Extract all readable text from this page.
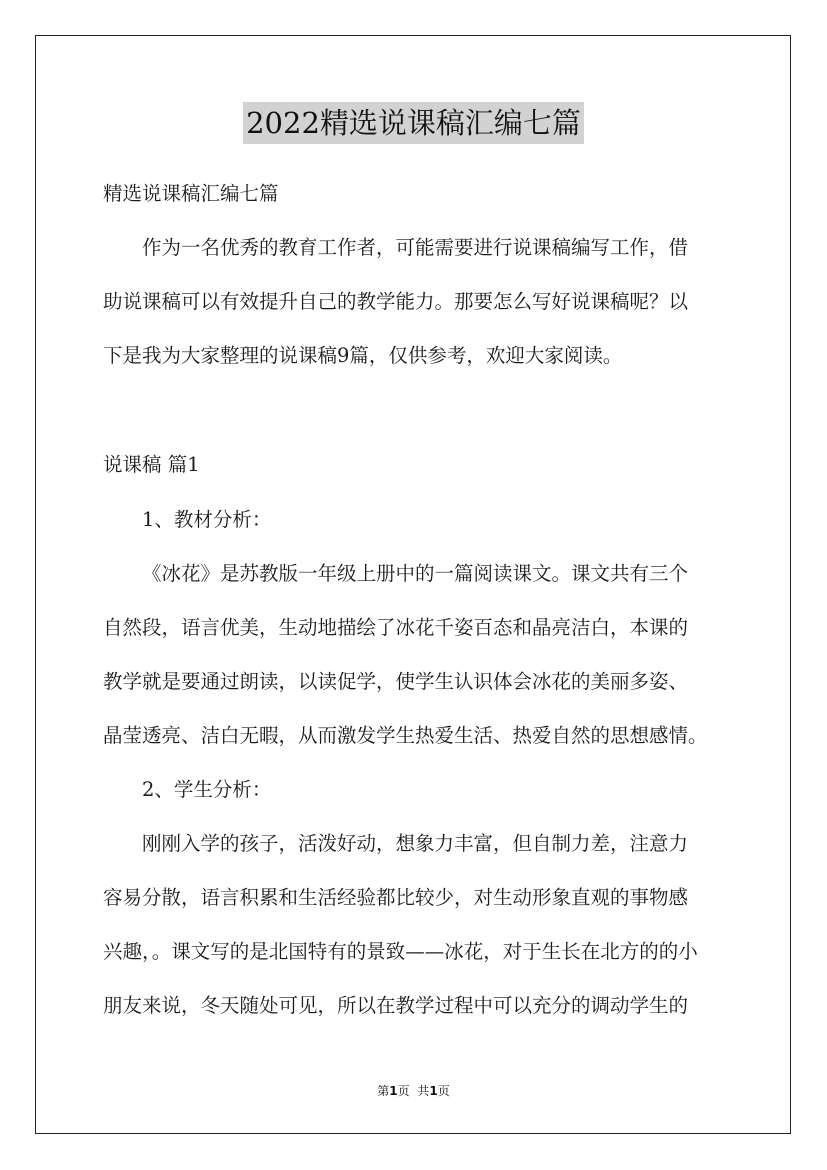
2022精选说课稿汇编七篇
精选说课稿汇编七篇
作为一名优秀的教育工作者，可能需要进行说课稿编写工作，借
助说课稿可以有效提升自己的教学能力。那要怎么写好说课稿呢？以
下是我为大家整理的说课稿9篇，仅供参考，欢迎大家阅读。
说课稿 篇1
1、教材分析：
《冰花》是苏教版一年级上册中的一篇阅读课文。课文共有三个
自然段，语言优美，生动地描绘了冰花千姿百态和晶亮洁白，本课的
教学就是要通过朗读，以读促学，使学生认识体会冰花的美丽多姿、
晶莹透亮、洁白无暇，从而激发学生热爱生活、热爱自然的思想感情。
2、学生分析：
刚刚入学的孩子，活泼好动，想象力丰富，但自制力差，注意力
容易分散，语言积累和生活经验都比较少，对生动形象直观的事物感
兴趣，。课文写的是北国特有的景致——冰花，对于生长在北方的的小
朋友来说，冬天随处可见，所以在教学过程中可以充分的调动学生的
第1页 共1页
